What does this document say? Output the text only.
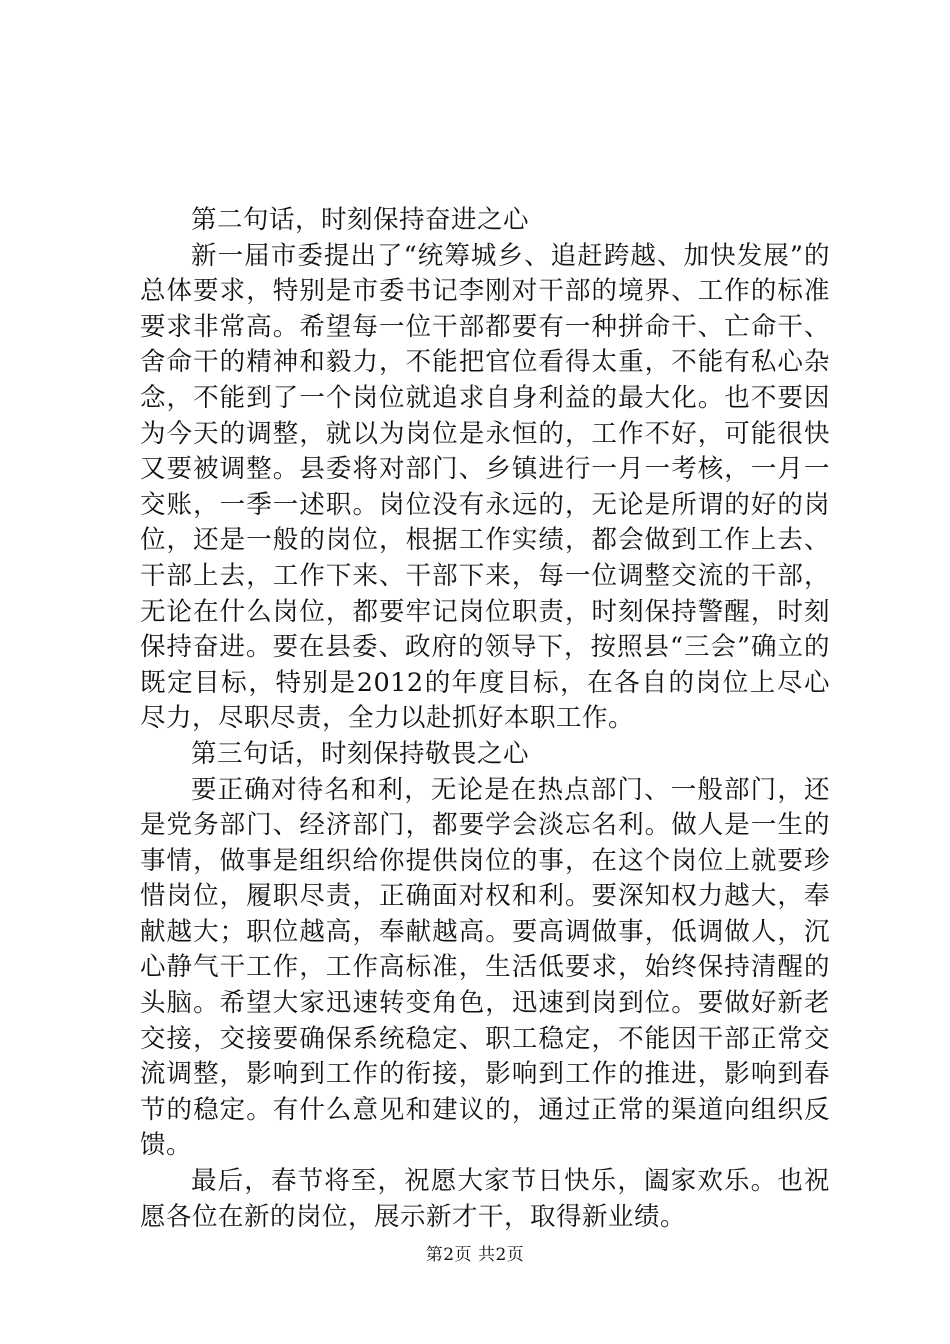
第二句话，时刻保持奋进之心

新一届市委提出了“统筹城乡、追赶跨越、加快发展”的总体要求，特别是市委书记李刚对干部的境界、工作的标准要求非常高。希望每一位干部都要有一种拼命干、亡命干、舍命干的精神和毅力，不能把官位看得太重，不能有私心杂念，不能到了一个岗位就追求自身利益的最大化。也不要因为今天的调整，就以为岗位是永恒的，工作不好，可能很快又要被调整。县委将对部门、乡镇进行一月一考核，一月一交账，一季一述职。岗位没有永远的，无论是所谓的好的岗位，还是一般的岗位，根据工作实绩，都会做到工作上去、干部上去，工作下来、干部下来，每一位调整交流的干部，无论在什么岗位，都要牢记岗位职责，时刻保持警醒，时刻保持奋进。要在县委、政府的领导下，按照县“三会”确立的既定目标，特别是2012的年度目标，在各自的岗位上尽心尽力，尽职尽责，全力以赴抓好本职工作。

第三句话，时刻保持敬畏之心

要正确对待名和利，无论是在热点部门、一般部门，还是党务部门、经济部门，都要学会淡忘名利。做人是一生的事情，做事是组织给你提供岗位的事，在这个岗位上就要珍惜岗位，履职尽责，正确面对权和利。要深知权力越大，奉献越大；职位越高，奉献越高。要高调做事，低调做人，沉心静气干工作，工作高标准，生活低要求，始终保持清醒的头脑。希望大家迅速转变角色，迅速到岗到位。要做好新老交接，交接要确保系统稳定、职工稳定，不能因干部正常交流调整，影响到工作的衔接，影响到工作的推进，影响到春节的稳定。有什么意见和建议的，通过正常的渠道向组织反馈。

最后，春节将至，祝愿大家节日快乐，阖家欢乐。也祝愿各位在新的岗位，展示新才干，取得新业绩。

第2页 共2页
